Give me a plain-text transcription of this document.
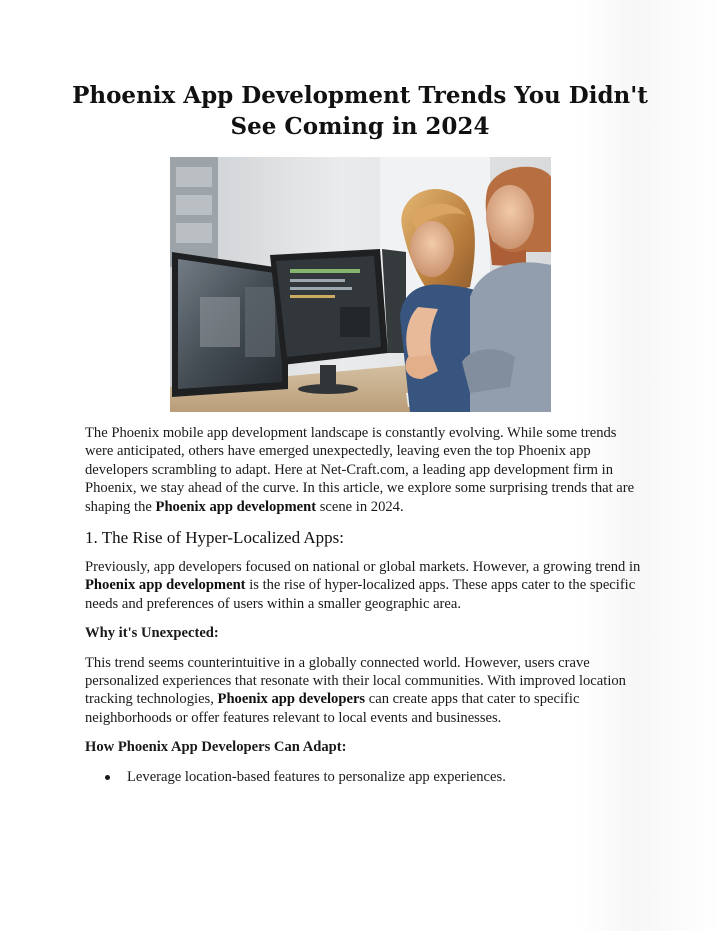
Phoenix App Development Trends You Didn't See Coming in 2024

The Phoenix mobile app development landscape is constantly evolving. While some trends were anticipated, others have emerged unexpectedly, leaving even the top Phoenix app developers scrambling to adapt. Here at Net-Craft.com, a leading app development firm in Phoenix, we stay ahead of the curve. In this article, we explore some surprising trends that are shaping the Phoenix app development scene in 2024.

1. The Rise of Hyper-Localized Apps:

Previously, app developers focused on national or global markets. However, a growing trend in Phoenix app development is the rise of hyper-localized apps. These apps cater to the specific needs and preferences of users within a smaller geographic area.

Why it's Unexpected:

This trend seems counterintuitive in a globally connected world. However, users crave personalized experiences that resonate with their local communities. With improved location tracking technologies, Phoenix app developers can create apps that cater to specific neighborhoods or offer features relevant to local events and businesses.

How Phoenix App Developers Can Adapt:

Leverage location-based features to personalize app experiences.
